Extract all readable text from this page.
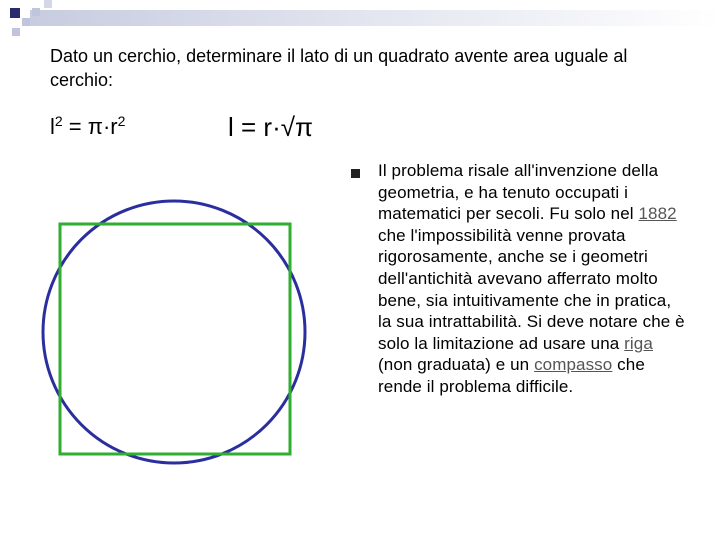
Dato un cerchio, determinare il lato di un quadrato avente area uguale al cerchio:
$l^2 = \pi\cdot r^2$	l = r·√π

Il problema risale all'invenzione della geometria, e ha tenuto occupati i matematici per secoli. Fu solo nel 1882 che l'impossibilità venne provata rigorosamente, anche se i geometri dell'antichità avevano afferrato molto bene, sia intuitivamente che in pratica, la sua intrattabilità. Si deve notare che è solo la limitazione ad usare una riga (non graduata) e un compasso che rende il problema difficile.
